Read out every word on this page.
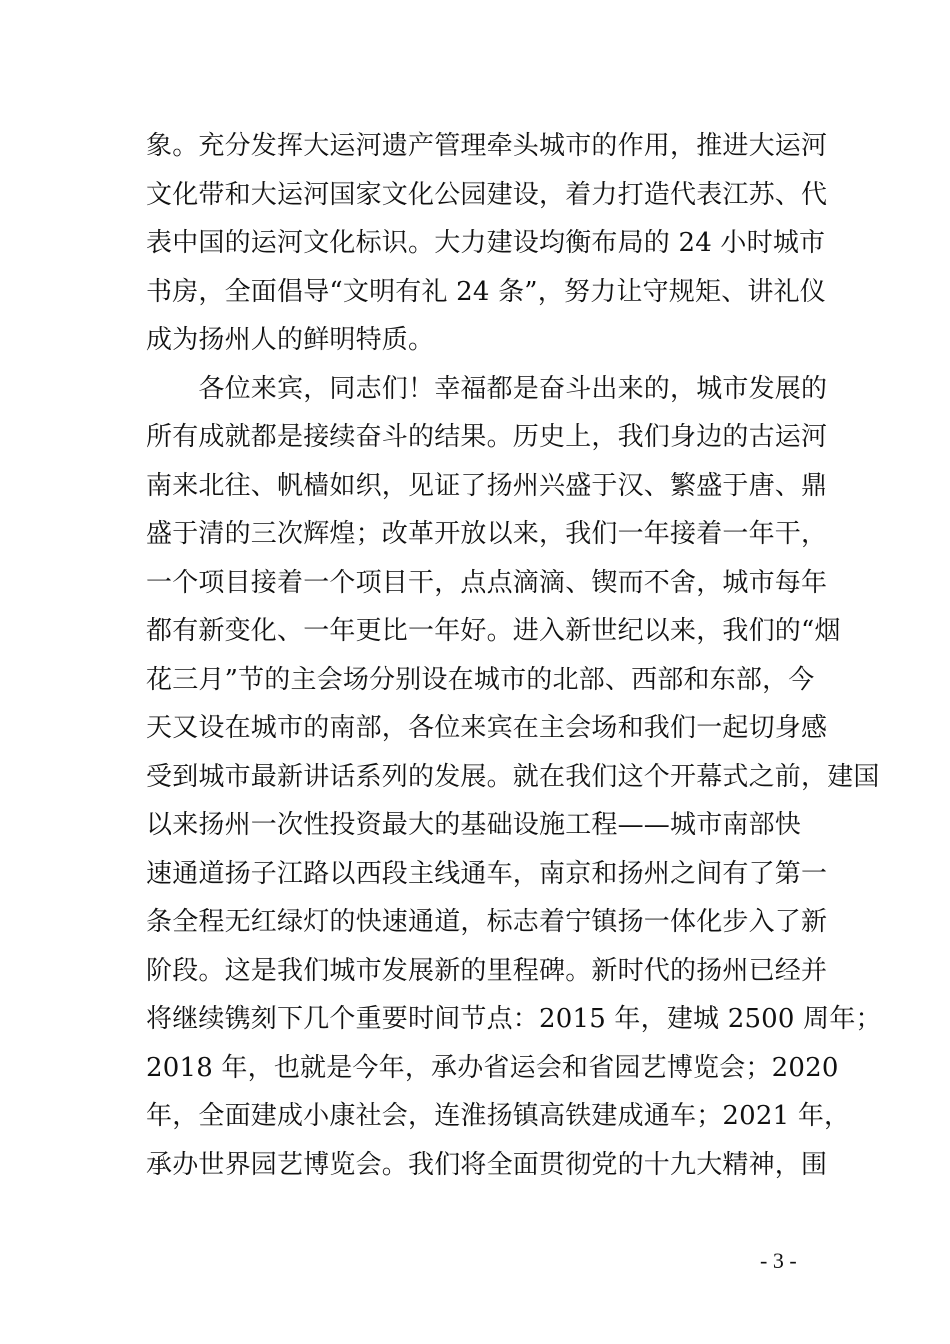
象。充分发挥大运河遗产管理牵头城市的作用，推进大运河
文化带和大运河国家文化公园建设，着力打造代表江苏、代
表中国的运河文化标识。大力建设均衡布局的 24 小时城市
书房，全面倡导“文明有礼 24 条”，努力让守规矩、讲礼仪
成为扬州人的鲜明特质。
　　各位来宾，同志们！幸福都是奋斗出来的，城市发展的
所有成就都是接续奋斗的结果。历史上，我们身边的古运河
南来北往、帆樯如织，见证了扬州兴盛于汉、繁盛于唐、鼎
盛于清的三次辉煌；改革开放以来，我们一年接着一年干，
一个项目接着一个项目干，点点滴滴、锲而不舍，城市每年
都有新变化、一年更比一年好。进入新世纪以来，我们的“烟
花三月”节的主会场分别设在城市的北部、西部和东部，今
天又设在城市的南部，各位来宾在主会场和我们一起切身感
受到城市最新讲话系列的发展。就在我们这个开幕式之前，建国
以来扬州一次性投资最大的基础设施工程——城市南部快
速通道扬子江路以西段主线通车，南京和扬州之间有了第一
条全程无红绿灯的快速通道，标志着宁镇扬一体化步入了新
阶段。这是我们城市发展新的里程碑。新时代的扬州已经并
将继续镌刻下几个重要时间节点：2015 年，建城 2500 周年；
2018 年，也就是今年，承办省运会和省园艺博览会；2020
年，全面建成小康社会，连淮扬镇高铁建成通车；2021 年，
承办世界园艺博览会。我们将全面贯彻党的十九大精神，围
- 3 -
